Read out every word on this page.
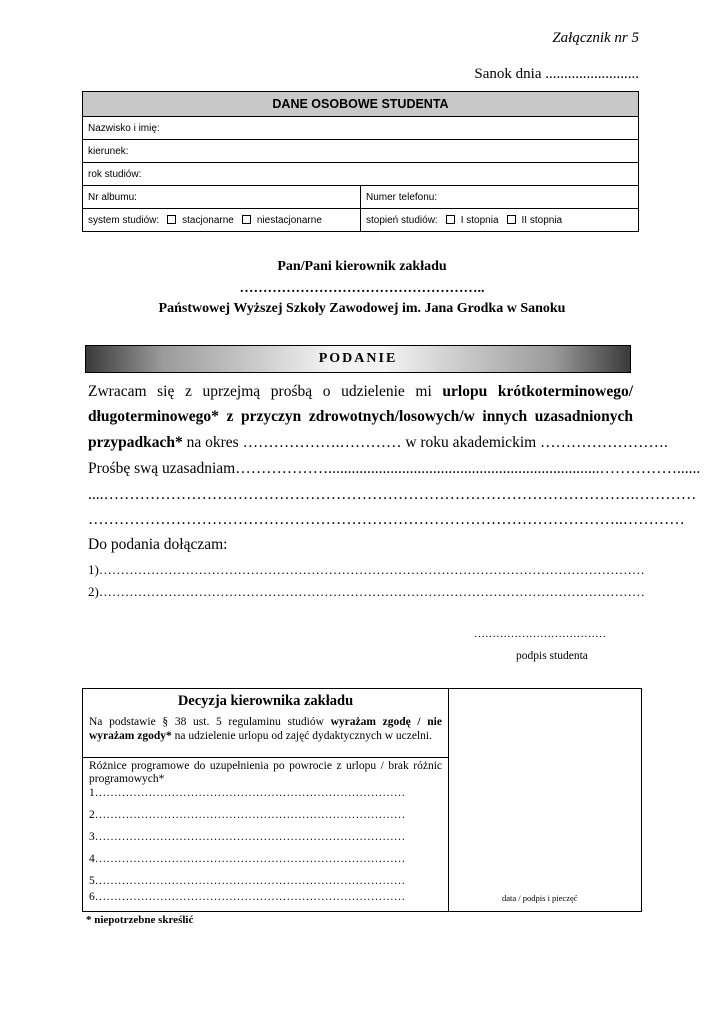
Załącznik nr 5
Sanok dnia .........................
DANE OSOBOWE STUDENTA	
Nazwisko i imię:	
kierunek:	
rok studiów:	
Nr albumu:	Numer telefonu:
system studiów: stacjonarne niestacjonarne	stopień studiów: I stopnia II stopnia
Pan/Pani kierownik zakładu
……………………………………………..
Państwowej Wyższej Szkoły Zawodowej im. Jana Grodka w Sanoku
PODANIE
Zwracam się z uprzejmą prośbą o udzielenie mi urlopu krótkoterminowego/
długoterminowego* z przyczyn zdrowotnych/losowych/w innych uzasadnionych
przypadkach* na okres ……………….………… w roku akademickim …………………….
Prośbę swą uzasadniam………………......................................................................……………......
....………………………………………………………………………………………….…………
…………………………………………………………………………………………..…………
Do podania dołączam:
1)………………………………………………………………………………………………………………
2)………………………………………………………………………………………………………………
………………………………
podpis studenta
Decyzja kierownika zakładu
Na podstawie § 38 ust. 5 regulaminu studiów wyrażam zgodę / nie wyrażam zgody* na udzielenie urlopu od zajęć dydaktycznych w uczelni.
Różnice programowe do uzupełnienia po powrocie z urlopu / brak różnic programowych*
1………………………………………………………………………
2………………………………………………………………………
3………………………………………………………………………
4………………………………………………………………………
5………………………………………………………………………
6………………………………………………………………………	data / podpis i pieczęć
* niepotrzebne skreślić
